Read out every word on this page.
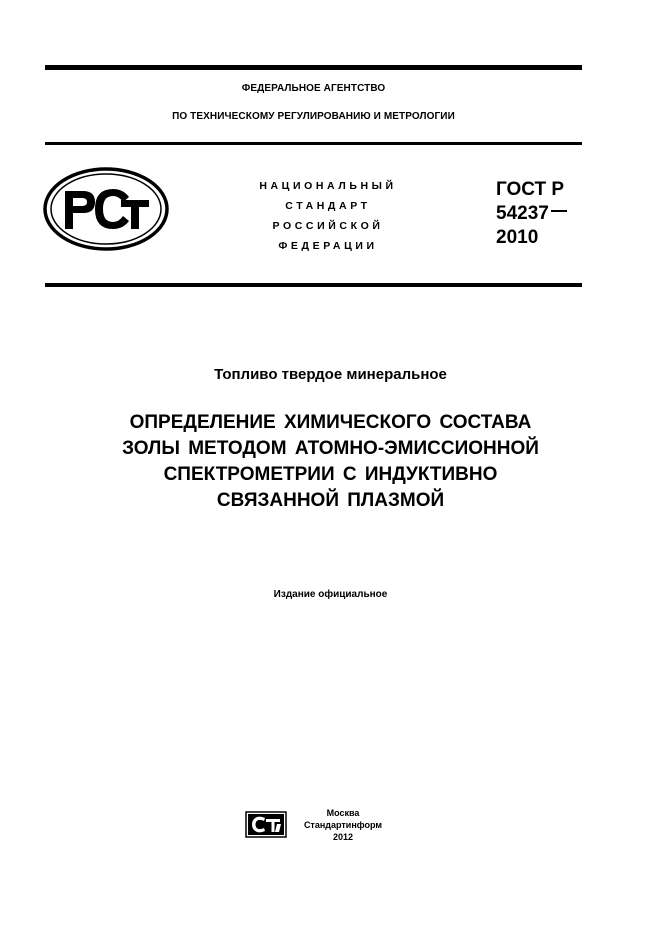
ФЕДЕРАЛЬНОЕ АГЕНТСТВО
ПО ТЕХНИЧЕСКОМУ РЕГУЛИРОВАНИЮ И МЕТРОЛОГИИ
НАЦИОНАЛЬНЫЙ
СТАНДАРТ
РОССИЙСКОЙ
ФЕДЕРАЦИИ
ГОСТ Р
54237
2010
Топливо твердое минеральное
ОПРЕДЕЛЕНИЕ ХИМИЧЕСКОГО СОСТАВА
ЗОЛЫ МЕТОДОМ АТОМНО-ЭМИССИОННОЙ
СПЕКТРОМЕТРИИ С ИНДУКТИВНО
СВЯЗАННОЙ ПЛАЗМОЙ
Издание официальное
Москва
Стандартинформ
2012
